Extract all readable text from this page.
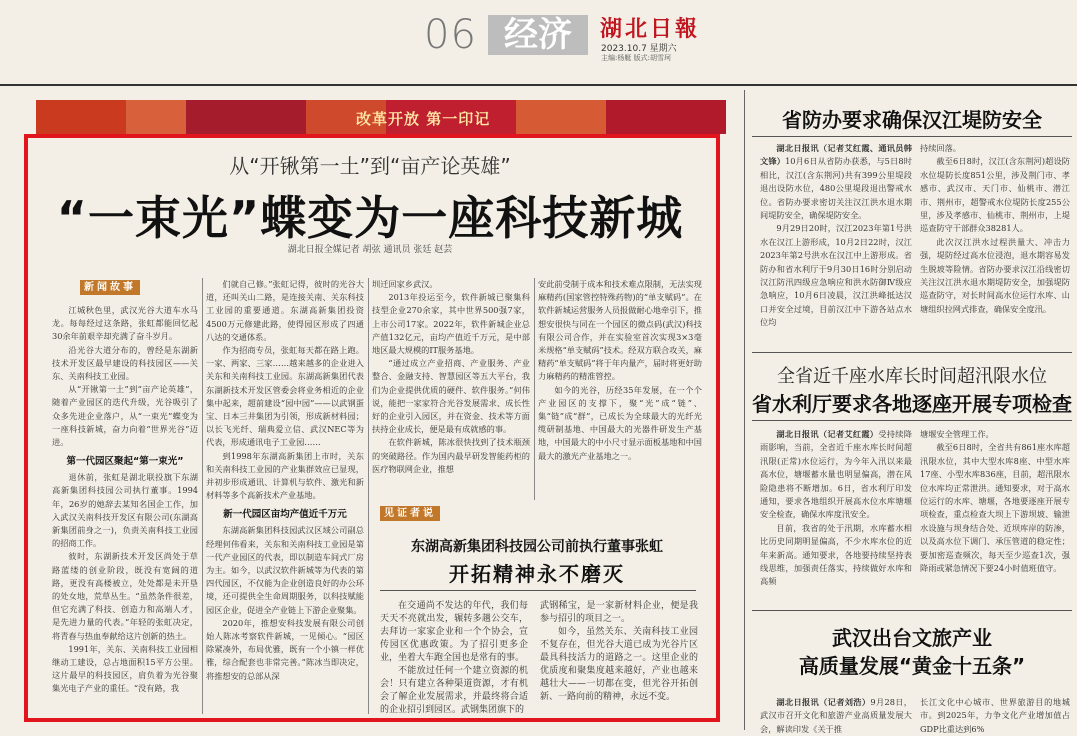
06 经济	湖北日報
2023.10.7 星期六
主编:杨艇 版式:胡雪珂
改革开放 第一印记
从“开锹第一土”到“亩产论英雄”
“一束光”蝶变为一座科技新城
湖北日报全媒记者 胡弦 通讯员 张廷 赵芸
新闻故事

江城秋色里，武汉光谷大道车水马龙。每每经过这条路，张虹都能回忆起30余年前艰辛却充满了奋斗岁月。

沿光谷大道分布的，曾经是东湖新技术开发区最早建设的科技园区——关东、关南科技工业园。

从“开锹第一土”到“亩产论英雄”，随着产业园区的迭代升级，光谷吸引了众多先进企业落户，从“一束光”蝶变为一座科技新城，奋力向着“世界光谷”迈进。

第一代园区聚起“第一束光”

退休前，张虹是湖北联投旗下东湖高新集团科技园公司执行董事。1994年，26岁的她辞去某知名国企工作，加入武汉关南科技开发区有限公司(东湖高新集团前身之一)，负责关南科技工业园的招商工作。

彼时，东湖新技术开发区尚处于草路蓝缕的创业阶段，既没有宽阔的道路，更没有高楼被立，处处都是未开垦的处女地，荒草丛生。“虽然条件很差，但它充满了科技、创造力和高端人才，是先进力量的代表。”年轻的张虹决定，将青春与热血奉献给这片创新的热土。

1991年，关东、关南科技工业园相继动工建设，总占地面积15平方公里。这片最早的科技园区，肩负着为光谷聚集光电子产业的重任。“没有路，我

们就自己修。”张虹记得，彼时的光谷大道，还叫关山二路，是连接关南、关东科技工业园的重要通道。东湖高新集团投资4500万元修建此路，使得园区形成了四通八达的交通体系。

作为招商专员，张虹每天都在路上跑。一家、两家、三家……越来越多的企业进入关东和关南科技工业园。东湖高新集团代表东湖新技术开发区管委会将业务相近的企业集中起来，超前建设“园中园”——以武钢蛋宝、日本三井集团为引领，形成新材料园；以长飞光纤、瑞典爱立信、武汉NEC等为代表，形成通讯电子工业园……

到1998年东湖高新集团上市时，关东和关南科技工业园的产业集群效应已显现，并初步形成通讯、计算机与软件、激光和新材料等多个高新技术产业基地。

新一代园区亩均产值近千万元

东湖高新集团科技园武汉区域公司副总经理何伟看来，关东和关南科技工业园是第一代产业园区的代表，即以制造车间式厂房为主。如今，以武汉软件新城等为代表的第四代园区，不仅能为企业创造良好的办公环境，还可提供全生命周期服务，以科技赋能园区企业，促进全产业链上下游企业聚集。

2020年，推想安科技发展有限公司创始人陈冰考察软件新城，一见倾心。“园区除紧凑外，布局优雅，既有一个小镇一样优雅，综合配套也非常完善。”陈冰当即决定，将推想安的总部从深

圳迁回家乡武汉。

2013年投运至今，软件新城已聚集科技型企业270余家，其中世界500强7家，上市公司17家。2022年，软件新城企业总产值132亿元，亩均产值近千万元，是中部地区最大规模的IT服务基地。

“通过成立产业招商、产业服务、产业整合、金融支持、智慧园区等五大平台，我们为企业提供优质的硬件、软件服务。”何伟说，能把一家家符合光谷发展需求、成长性好的企业引入园区，并在资金、技术等方面扶持企业成长，便是最有成就感的事。

在软件新城，陈冰很快找到了技术瓶颈的突破路径。作为国内最早研发智能药柜的医疗物联网企业，推想

安此前受制于成本和技术难点限制，无法实现麻精药(国家管控特殊药物)的“单支赋码”。在软件新城运营服务人员报做耐心地牵引下，推想安很快与同在一个园区的微点码(武汉)科技有限公司合作，并在实验室首次实现3×3毫米规格“单支赋码”技术。经双方联合攻关，麻精药“单支赋码”将于年内量产，届时将更好助力麻精药的精准管控。

如今的光谷，历经35年发展，在一个个产业园区的支撑下，聚“光”成“链”、集“链”成“群”，已成长为全球最大的光纤光缆研制基地、中国最大的光器件研发生产基地，中国最大的中小尺寸显示面板基地和中国最大的激光产业基地之一。

见证者说
东湖高新集团科技园公司前执行董事张虹
开拓精神永不磨灭

在交通尚不发达的年代，我们每天天不亮就出发，辗转多趟公交车，去拜访一家家企业和一个个协会，宣传园区优惠政策。为了招引更多企业，坐着大车跑全国也是常有的事。

不能放过任何一个建立资源的机会！只有建立各种渠道资源，才有机会了解企业发展需求，并最终将合适的企业招引到园区。武钢集团旗下的

武钢稀宝，是一家新材料企业，便是我参与招引的项目之一。

如今，虽然关东、关南科技工业园不复存在，但光谷大道已成为光谷片区最具科技活力的道路之一。这里企业的优质度和聚集度越来越好，产业也越来越壮大——一切都在变，但光谷开拓创新、一路向前的精神，永远不变。

省防办要求确保汉江堤防安全

湖北日报讯（记者艾红霞、通讯员韩文锋）10月6日从省防办获悉，与5日8时相比，汉江(含东荆河)共有399公里堤段退出设防水位，480公里堤段退出警戒水位。省防办要求密切关注汉江洪水退水期间堤防安全，确保堤防安全。

9月29日20时，汉江2023年第1号洪水在汉江上游形成，10月2日22时，汉江2023年第2号洪水在汉江中上游形成。省防办和省水利厅于9月30日16时分别启动汉江防汛四级应急响应和洪水防御Ⅳ级应急响应，10月6日凌晨，汉江洪峰抵达汉口并安全过境，目前汉江中下游各站点水位均

持续回落。

截至6日8时，汉江(含东荆河)超设防水位堤防长度851公里，涉及荆门市、孝感市、武汉市、天门市、仙桃市、潜江市、荆州市，超警戒水位堤防长度255公里，涉及孝感市、仙桃市、荆州市，上堤巡查防守干部群众38281人。

此次汉江洪水过程洪量大、冲击力强，堤防经过高水位浸泡，退水期容易发生脱坡等险情。省防办要求汉江沿线密切关注汉江洪水退水期堤防安全，加强堤防巡查防守，对长时间高水位运行水库、山塘组织拉网式排查，确保安全度汛。

全省近千座水库长时间超汛限水位
省水利厅要求各地逐座开展专项检查

湖北日报讯（记者艾红霞）受持续降雨影响，当前，全省近千座水库长时间超汛限(正常)水位运行，为今年入汛以来最高水位，塘堰蓄水量也明显偏高，潜在风险隐患将不断增加。6日，省水利厅印发通知，要求各地组织开展高水位水库塘堰安全检查，确保水库度汛安全。

目前，我省的处于汛期，水库蓄水相比历史同期明显偏高，不少水库水位的近年来新高。通知要求，各地要持续坚持表线思维，加强责任落实，持续做好水库和高频

塘堰安全管理工作。

截至6日8时，全省共有861座水库超汛限水位，其中大型水库8座、中型水库17座、小型水库836座，目前，超汛限水位水库均正常泄洪。通知要求，对于高水位运行的水库、塘堰，各地要逐座开展专项检查，重点检查大坝上下游坝坡、输泄水设施与坝身结合处、近坝库岸的防渗，以及高水位下调门、承压管道的稳定性；要加密巡查频次，每天至少巡查1次，强降雨或紧急情况下要24小时值班值守。

武汉出台文旅产业
高质量发展“黄金十五条”

湖北日报讯（记者刘浩）9月28日，武汉市召开文化和旅游产业高质量发展大会，解读印发《关于推

长江文化中心城市、世界旅游目的地城市。到2025年，力争文化产业增加值占GDP比重达到6%
